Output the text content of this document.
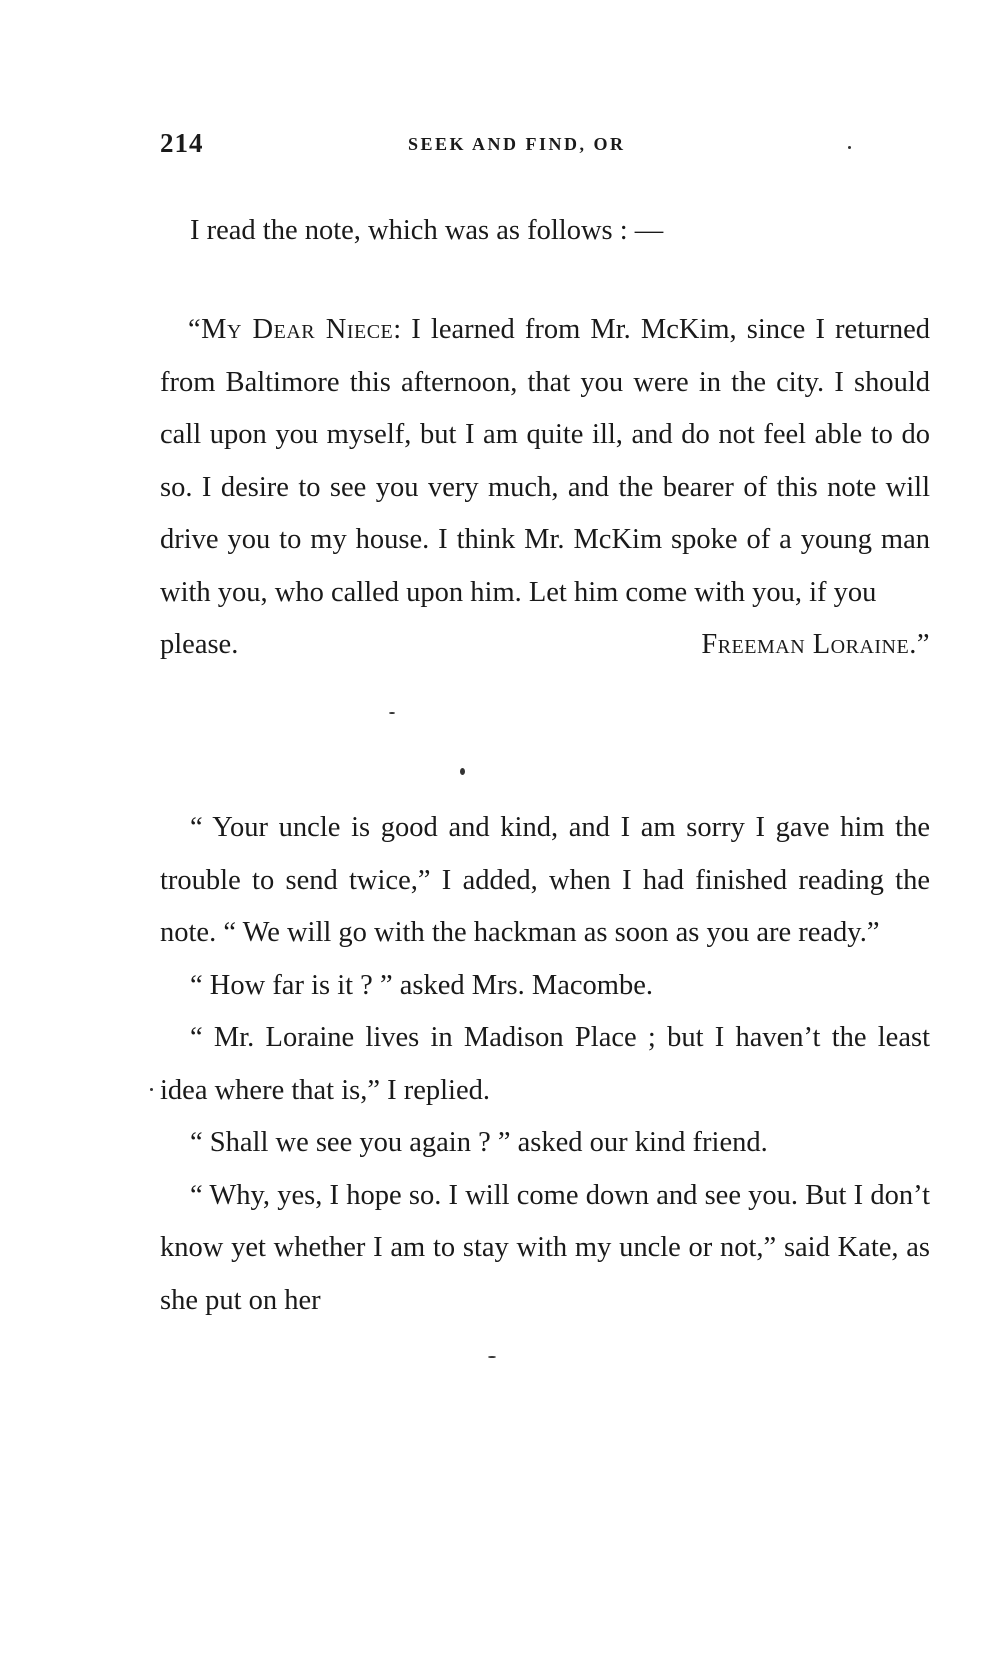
214	SEEK AND FIND, OR

I read the note, which was as follows : —

“My Dear Niece: I learned from Mr. McKim, since I returned from Baltimore this afternoon, that you were in the city. I should call upon you myself, but I am quite ill, and do not feel able to do so. I desire to see you very much, and the bearer of this note will drive you to my house. I think Mr. McKim spoke of a young man with you, who called upon him. Let him come with you, if you

please.	Freeman Loraine.”

“ Your uncle is good and kind, and I am sorry I gave him the trouble to send twice,” I added, when I had finished reading the note. “ We will go with the hackman as soon as you are ready.”

“ How far is it ? ” asked Mrs. Macombe.

“ Mr. Loraine lives in Madison Place ; but I haven’t the least idea where that is,” I replied.

“ Shall we see you again ? ” asked our kind friend.

“ Why, yes, I hope so. I will come down and see you. But I don’t know yet whether I am to stay with my uncle or not,” said Kate, as she put on her
